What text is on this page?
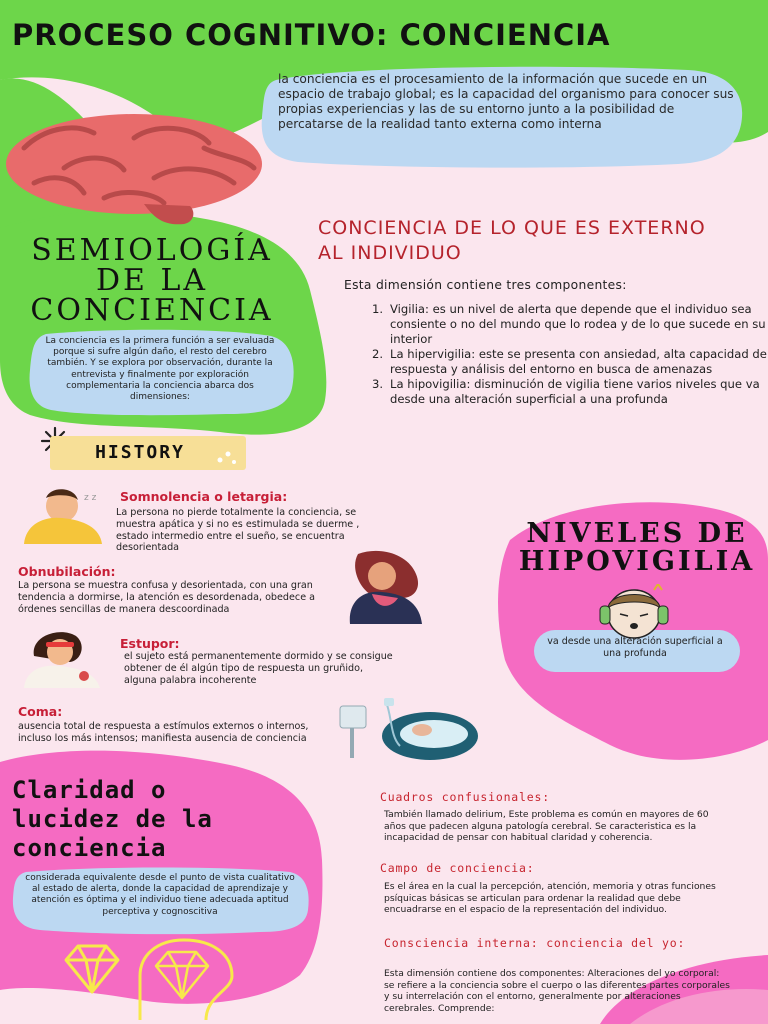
PROCESO COGNITIVO: CONCIENCIA
la conciencia es el procesamiento de la información que sucede en un espacio de trabajo global; es la capacidad del organismo para conocer sus propias experiencias y las de su entorno junto a la posibilidad de percatarse de la realidad tanto externa como interna
SEMIOLOGÍA DE LA CONCIENCIA
La conciencia es la primera función a ser evaluada porque si sufre algún daño, el resto del cerebro también. Y se explora por observación, durante la entrevista y finalmente por exploración complementaria la conciencia abarca dos dimensiones:
HISTORY
CONCIENCIA DE LO QUE ES EXTERNO AL INDIVIDUO
Esta dimensión contiene tres componentes:
1. Vigilia: es un nivel de alerta que depende que el individuo sea consiente o no del mundo que lo rodea y de lo que sucede en su interior
2. La hipervigilia: este se presenta con ansiedad, alta capacidad de respuesta y análisis del entorno en busca de amenazas
3. La hipovigilia: disminución de vigilia tiene varios niveles que va desde una alteración superficial a una profunda
z z Somnolencia o letargia:
La persona no pierde totalmente la conciencia, se muestra apática y si no es estimulada se duerme , estado intermedio entre el sueño, se encuentra desorientada
Obnubilación:
La persona se muestra confusa y desorientada, con una gran tendencia a dormirse, la atención es desordenada, obedece a órdenes sencillas de manera descoordinada
Estupor:
el sujeto está permanentemente dormido y se consigue obtener de él algún tipo de respuesta un gruñido, alguna palabra incoherente
Coma:
ausencia total de respuesta a estímulos externos o internos, incluso los más intensos; manifiesta ausencia de conciencia
NIVELES DE HIPOVIGILIA
va desde una alteración superficial a una profunda
Claridad o lucidez de la conciencia
considerada equivalente desde el punto de vista cualitativo al estado de alerta, donde la capacidad de aprendizaje y atención es óptima y el individuo tiene adecuada aptitud perceptiva y cognoscitiva
Cuadros confusionales:
También llamado delirium, Este problema es común en mayores de 60 años que padecen alguna patología cerebral. Se caracteristica es la incapacidad de pensar con habitual claridad y coherencia.
Campo de conciencia:
Es el área en la cual la percepción, atención, memoria y otras funciones psíquicas básicas se articulan para ordenar la realidad que debe encuadrarse en el espacio de la representación del individuo.
Consciencia interna: conciencia del yo:
Esta dimensión contiene dos componentes: Alteraciones del yo corporal: se refiere a la conciencia sobre el cuerpo o las diferentes partes corporales y su interrelación con el entorno, generalmente por alteraciones cerebrales. Comprende:
